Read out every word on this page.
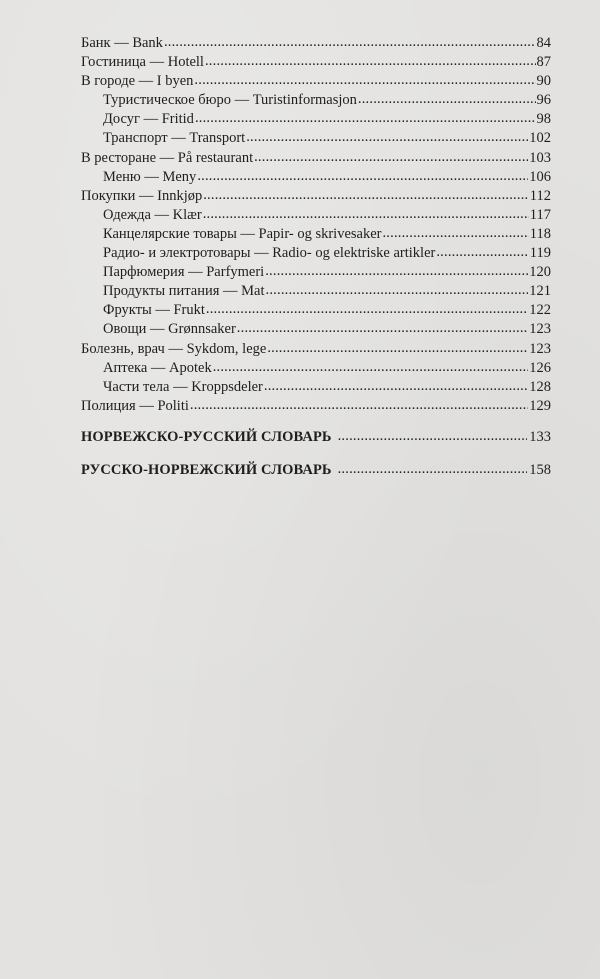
Банк — Bank .....	84
Гостиница — Hotell .....	87
В городе — I byen .....	90
Туристическое бюро — Turistinformasjon .....	96
Досуг — Fritid .....	98
Транспорт — Transport .....	102
В ресторане — På restaurant .....	103
Меню — Meny .....	106
Покупки — Innkjøp .....	112
Одежда — Klær .....	117
Канцелярские товары — Papir- og skrivesaker .....	118
Радио- и электротовары — Radio- og elektriske artikler .....	119
Парфюмерия — Parfymeri .....	120
Продукты питания — Mat .....	121
Фрукты — Frukt .....	122
Овощи — Grønnsaker .....	123
Болезнь, врач — Sykdom, lege .....	123
Аптека — Apotek .....	126
Части тела — Kroppsdeler .....	128
Полиция — Politi .....	129
НОРВЕЖСКО-РУССКИЙ СЛОВАРЬ .....	133
РУССКО-НОРВЕЖСКИЙ СЛОВАРЬ .....	158
